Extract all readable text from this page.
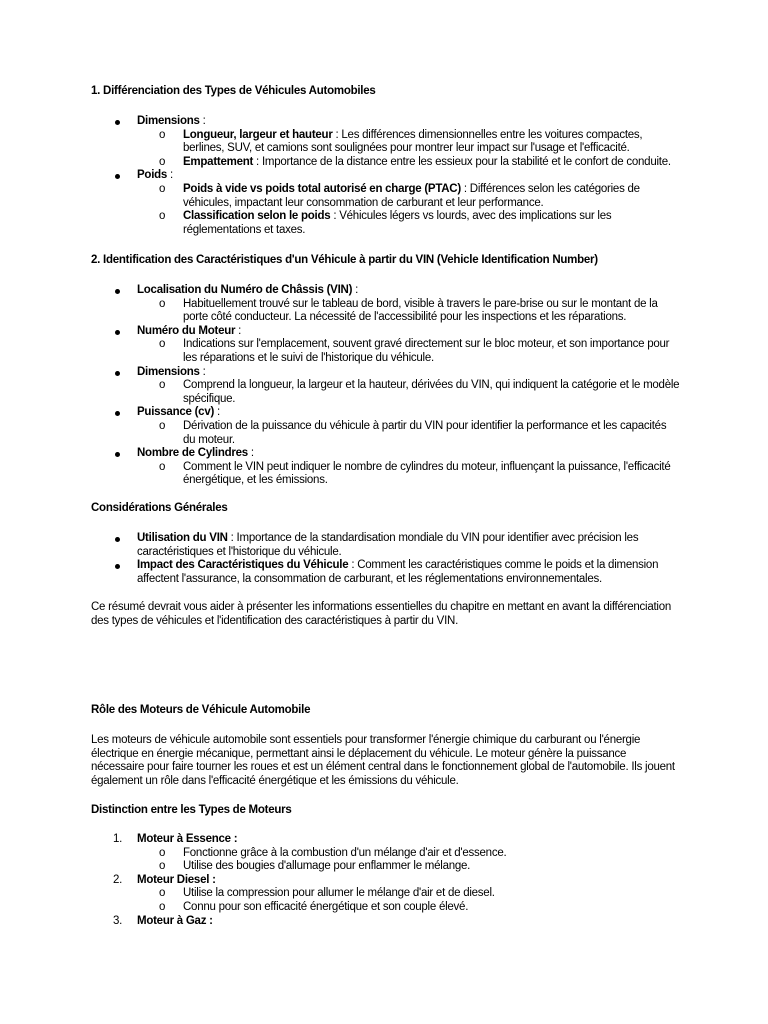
1. Différenciation des Types de Véhicules Automobiles
Dimensions :
o Longueur, largeur et hauteur : Les différences dimensionnelles entre les voitures compactes, berlines, SUV, et camions sont soulignées pour montrer leur impact sur l'usage et l'efficacité.
o Empattement : Importance de la distance entre les essieux pour la stabilité et le confort de conduite.
Poids :
o Poids à vide vs poids total autorisé en charge (PTAC) : Différences selon les catégories de véhicules, impactant leur consommation de carburant et leur performance.
o Classification selon le poids : Véhicules légers vs lourds, avec des implications sur les réglementations et taxes.
2. Identification des Caractéristiques d'un Véhicule à partir du VIN (Vehicle Identification Number)
Localisation du Numéro de Châssis (VIN) :
o Habituellement trouvé sur le tableau de bord, visible à travers le pare-brise ou sur le montant de la porte côté conducteur. La nécessité de l'accessibilité pour les inspections et les réparations.
Numéro du Moteur :
o Indications sur l'emplacement, souvent gravé directement sur le bloc moteur, et son importance pour les réparations et le suivi de l'historique du véhicule.
Dimensions :
o Comprend la longueur, la largeur et la hauteur, dérivées du VIN, qui indiquent la catégorie et le modèle spécifique.
Puissance (cv) :
o Dérivation de la puissance du véhicule à partir du VIN pour identifier la performance et les capacités du moteur.
Nombre de Cylindres :
o Comment le VIN peut indiquer le nombre de cylindres du moteur, influençant la puissance, l'efficacité énergétique, et les émissions.
Considérations Générales
Utilisation du VIN : Importance de la standardisation mondiale du VIN pour identifier avec précision les caractéristiques et l'historique du véhicule.
Impact des Caractéristiques du Véhicule : Comment les caractéristiques comme le poids et la dimension affectent l'assurance, la consommation de carburant, et les réglementations environnementales.
Ce résumé devrait vous aider à présenter les informations essentielles du chapitre en mettant en avant la différenciation des types de véhicules et l'identification des caractéristiques à partir du VIN.
Rôle des Moteurs de Véhicule Automobile
Les moteurs de véhicule automobile sont essentiels pour transformer l'énergie chimique du carburant ou l'énergie électrique en énergie mécanique, permettant ainsi le déplacement du véhicule. Le moteur génère la puissance nécessaire pour faire tourner les roues et est un élément central dans le fonctionnement global de l'automobile. Ils jouent également un rôle dans l'efficacité énergétique et les émissions du véhicule.
Distinction entre les Types de Moteurs
1.	Moteur à Essence :
o Fonctionne grâce à la combustion d'un mélange d'air et d'essence.
o Utilise des bougies d'allumage pour enflammer le mélange.
2.	Moteur Diesel :
o Utilise la compression pour allumer le mélange d'air et de diesel.
o Connu pour son efficacité énergétique et son couple élevé.
3.	Moteur à Gaz :
